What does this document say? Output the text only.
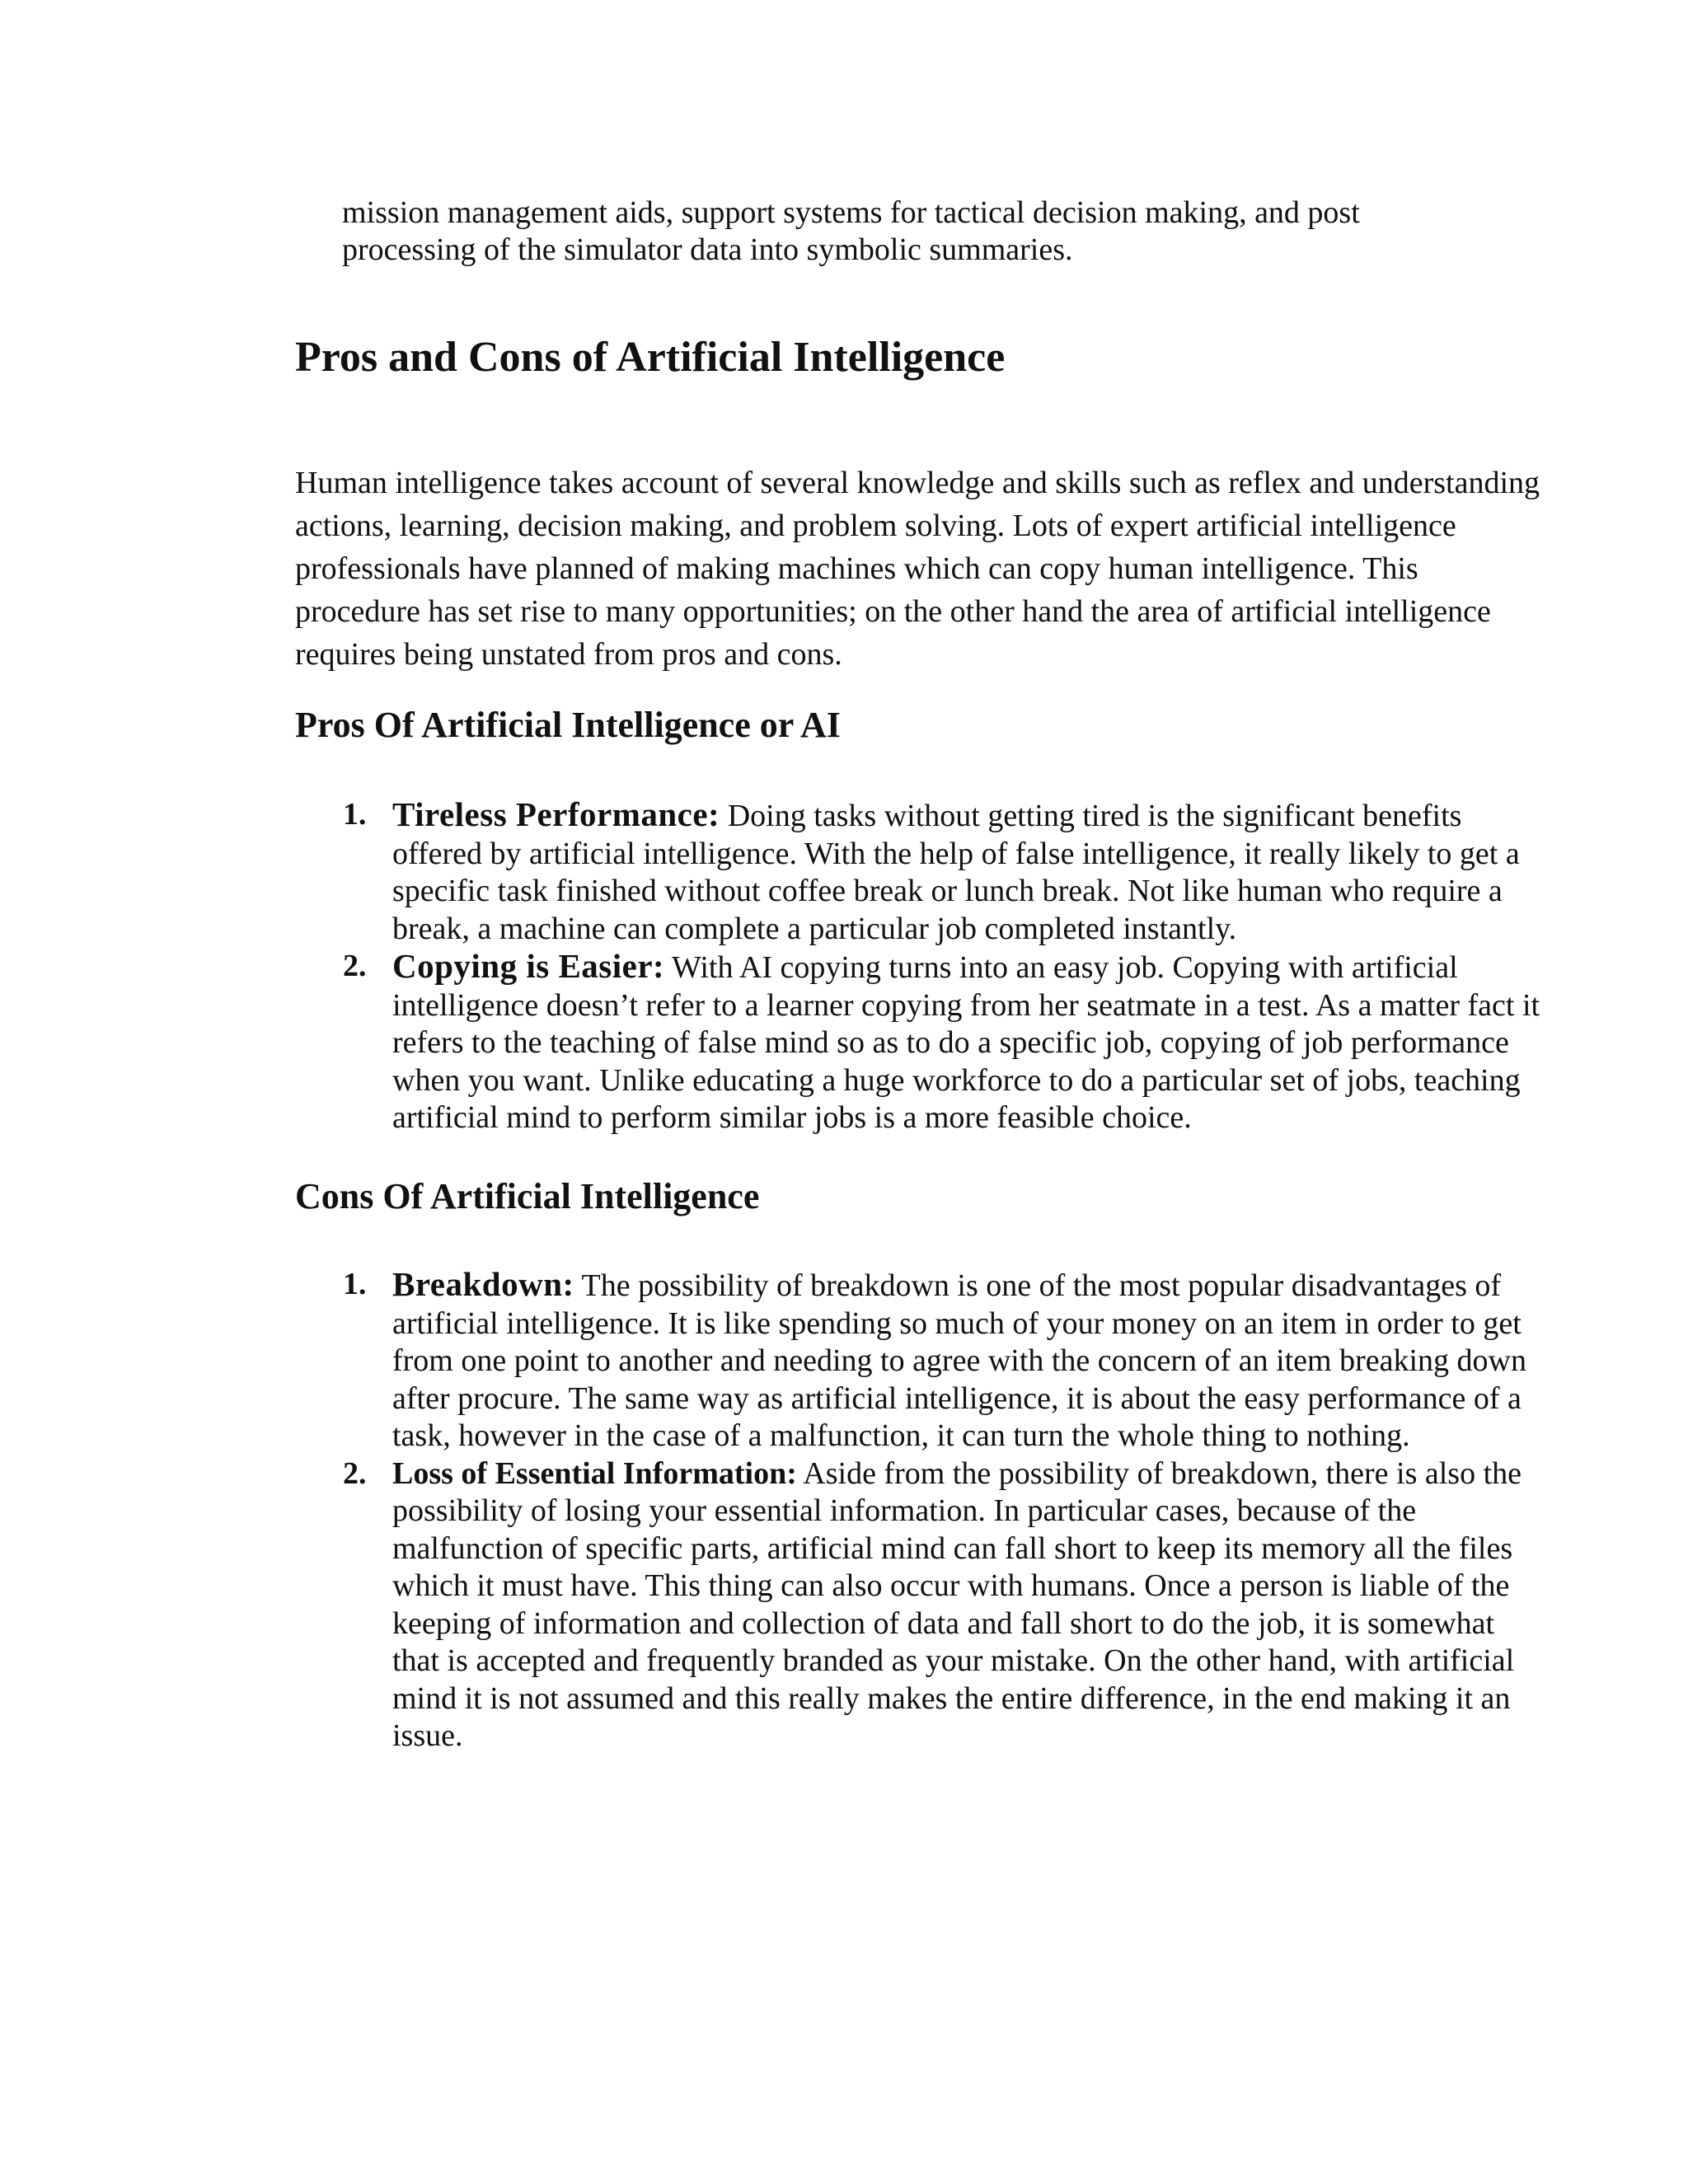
mission management aids, support systems for tactical decision making, and post processing of the simulator data into symbolic summaries.

Pros and Cons of Artificial Intelligence

Human intelligence takes account of several knowledge and skills such as reflex and understanding actions, learning, decision making, and problem solving. Lots of expert artificial intelligence professionals have planned of making machines which can copy human intelligence. This procedure has set rise to many opportunities; on the other hand the area of artificial intelligence requires being unstated from pros and cons.

Pros Of Artificial Intelligence or AI
1. Tireless Performance: Doing tasks without getting tired is the significant benefits offered by artificial intelligence. With the help of false intelligence, it really likely to get a specific task finished without coffee break or lunch break. Not like human who require a break, a machine can complete a particular job completed instantly.
2. Copying is Easier: With AI copying turns into an easy job. Copying with artificial intelligence doesn’t refer to a learner copying from her seatmate in a test. As a matter fact it refers to the teaching of false mind so as to do a specific job, copying of job performance when you want. Unlike educating a huge workforce to do a particular set of jobs, teaching artificial mind to perform similar jobs is a more feasible choice.
Cons Of Artificial Intelligence
1. Breakdown: The possibility of breakdown is one of the most popular disadvantages of artificial intelligence. It is like spending so much of your money on an item in order to get from one point to another and needing to agree with the concern of an item breaking down after procure. The same way as artificial intelligence, it is about the easy performance of a task, however in the case of a malfunction, it can turn the whole thing to nothing.
2. Loss of Essential Information: Aside from the possibility of breakdown, there is also the possibility of losing your essential information. In particular cases, because of the malfunction of specific parts, artificial mind can fall short to keep its memory all the files which it must have. This thing can also occur with humans. Once a person is liable of the keeping of information and collection of data and fall short to do the job, it is somewhat that is accepted and frequently branded as your mistake. On the other hand, with artificial mind it is not assumed and this really makes the entire difference, in the end making it an issue.
